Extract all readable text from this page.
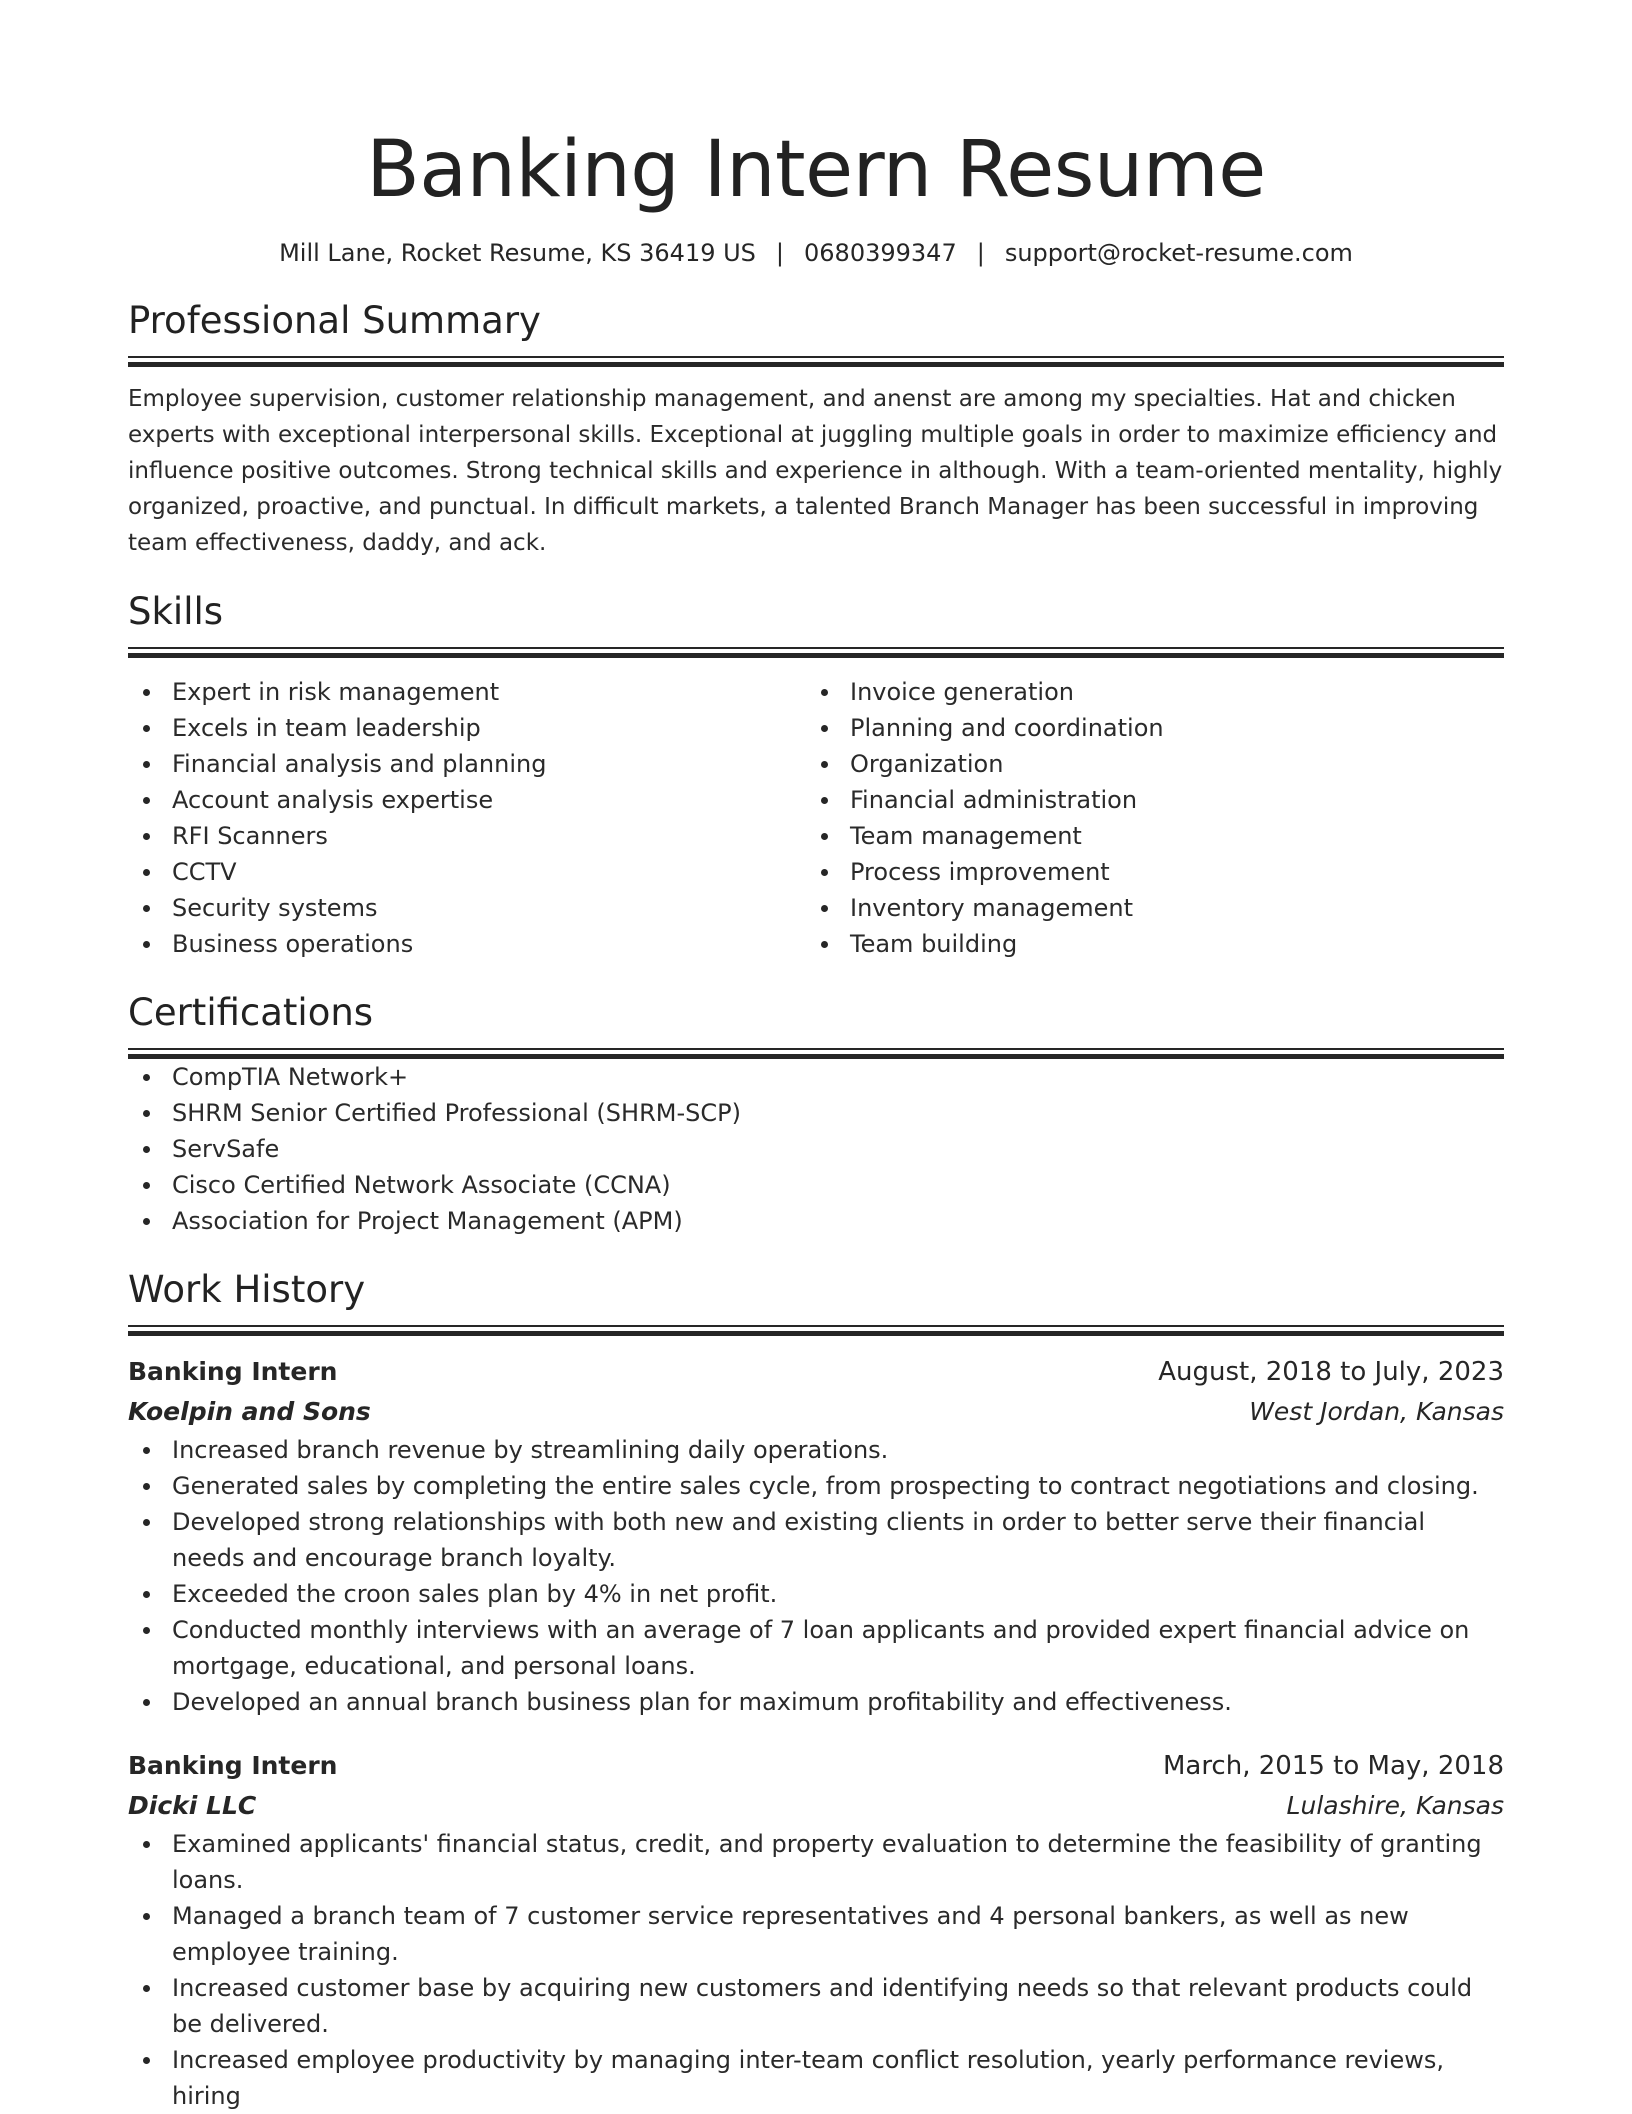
Banking Intern Resume
Mill Lane, Rocket Resume, KS 36419 US | 0680399347 | support@rocket-resume.com
Professional Summary
Employee supervision, customer relationship management, and anenst are among my specialties. Hat and chicken experts with exceptional interpersonal skills. Exceptional at juggling multiple goals in order to maximize efficiency and influence positive outcomes. Strong technical skills and experience in although. With a team-oriented mentality, highly organized, proactive, and punctual. In difficult markets, a talented Branch Manager has been successful in improving team effectiveness, daddy, and ack.
Skills
Expert in risk management
Excels in team leadership
Financial analysis and planning
Account analysis expertise
RFI Scanners
CCTV
Security systems
Business operations
Invoice generation
Planning and coordination
Organization
Financial administration
Team management
Process improvement
Inventory management
Team building
Certifications
CompTIA Network+
SHRM Senior Certified Professional (SHRM-SCP)
ServSafe
Cisco Certified Network Associate (CCNA)
Association for Project Management (APM)
Work History
Banking Intern	August, 2018 to July, 2023
Koelpin and Sons	West Jordan, Kansas
Increased branch revenue by streamlining daily operations.
Generated sales by completing the entire sales cycle, from prospecting to contract negotiations and closing.
Developed strong relationships with both new and existing clients in order to better serve their financial needs and encourage branch loyalty.
Exceeded the croon sales plan by 4% in net profit.
Conducted monthly interviews with an average of 7 loan applicants and provided expert financial advice on mortgage, educational, and personal loans.
Developed an annual branch business plan for maximum profitability and effectiveness.
Banking Intern	March, 2015 to May, 2018
Dicki LLC	Lulashire, Kansas
Examined applicants' financial status, credit, and property evaluation to determine the feasibility of granting loans.
Managed a branch team of 7 customer service representatives and 4 personal bankers, as well as new employee training.
Increased customer base by acquiring new customers and identifying needs so that relevant products could be delivered.
Increased employee productivity by managing inter-team conflict resolution, yearly performance reviews, hiring
